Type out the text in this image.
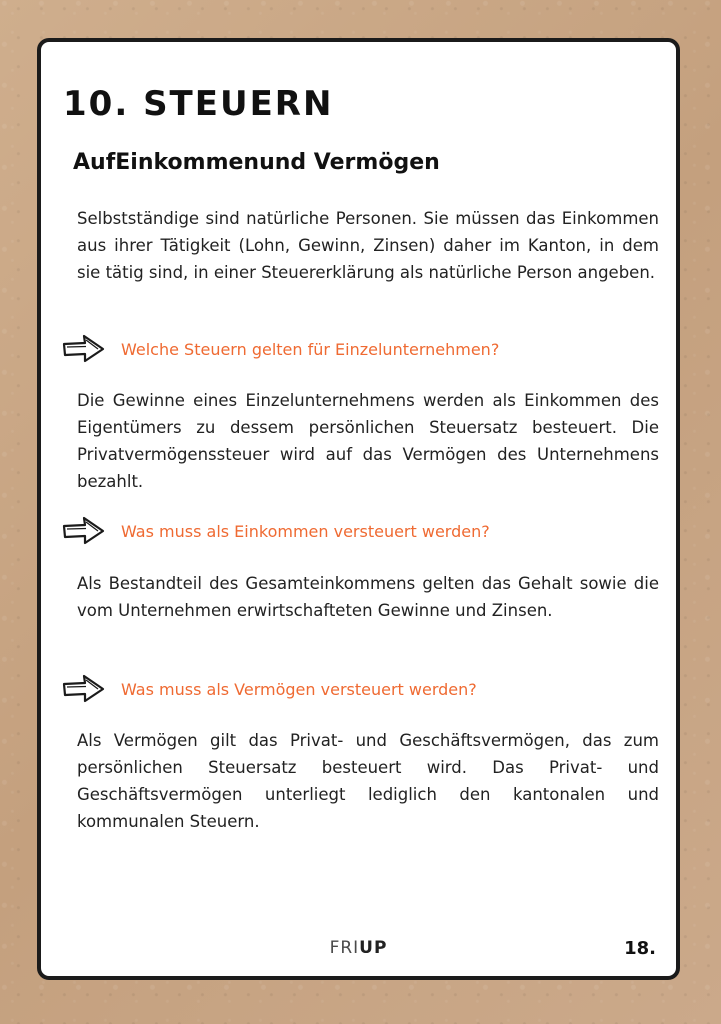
10. STEUERN
AufEinkommenund Vermögen

Selbstständige sind natürliche Personen. Sie müssen das Einkommen aus ihrer Tätigkeit (Lohn, Gewinn, Zinsen) daher im Kanton, in dem sie tätig sind, in einer Steuererklärung als natürliche Person angeben.

Welche Steuern gelten für Einzelunternehmen?

Die Gewinne eines Einzelunternehmens werden als Einkommen des Eigentümers zu dessem persönlichen Steuersatz besteuert. Die Privatvermögenssteuer wird auf das Vermögen des Unternehmens bezahlt.

Was muss als Einkommen versteuert werden?

Als Bestandteil des Gesamteinkommens gelten das Gehalt sowie die vom Unternehmen erwirtschafteten Gewinne und Zinsen.

Was muss als Vermögen versteuert werden?

Als Vermögen gilt das Privat- und Geschäftsvermögen, das zum persönlichen Steuersatz besteuert wird. Das Privat- und Geschäftsvermögen unterliegt lediglich den kantonalen und kommunalen Steuern.

FRIUP	18.
